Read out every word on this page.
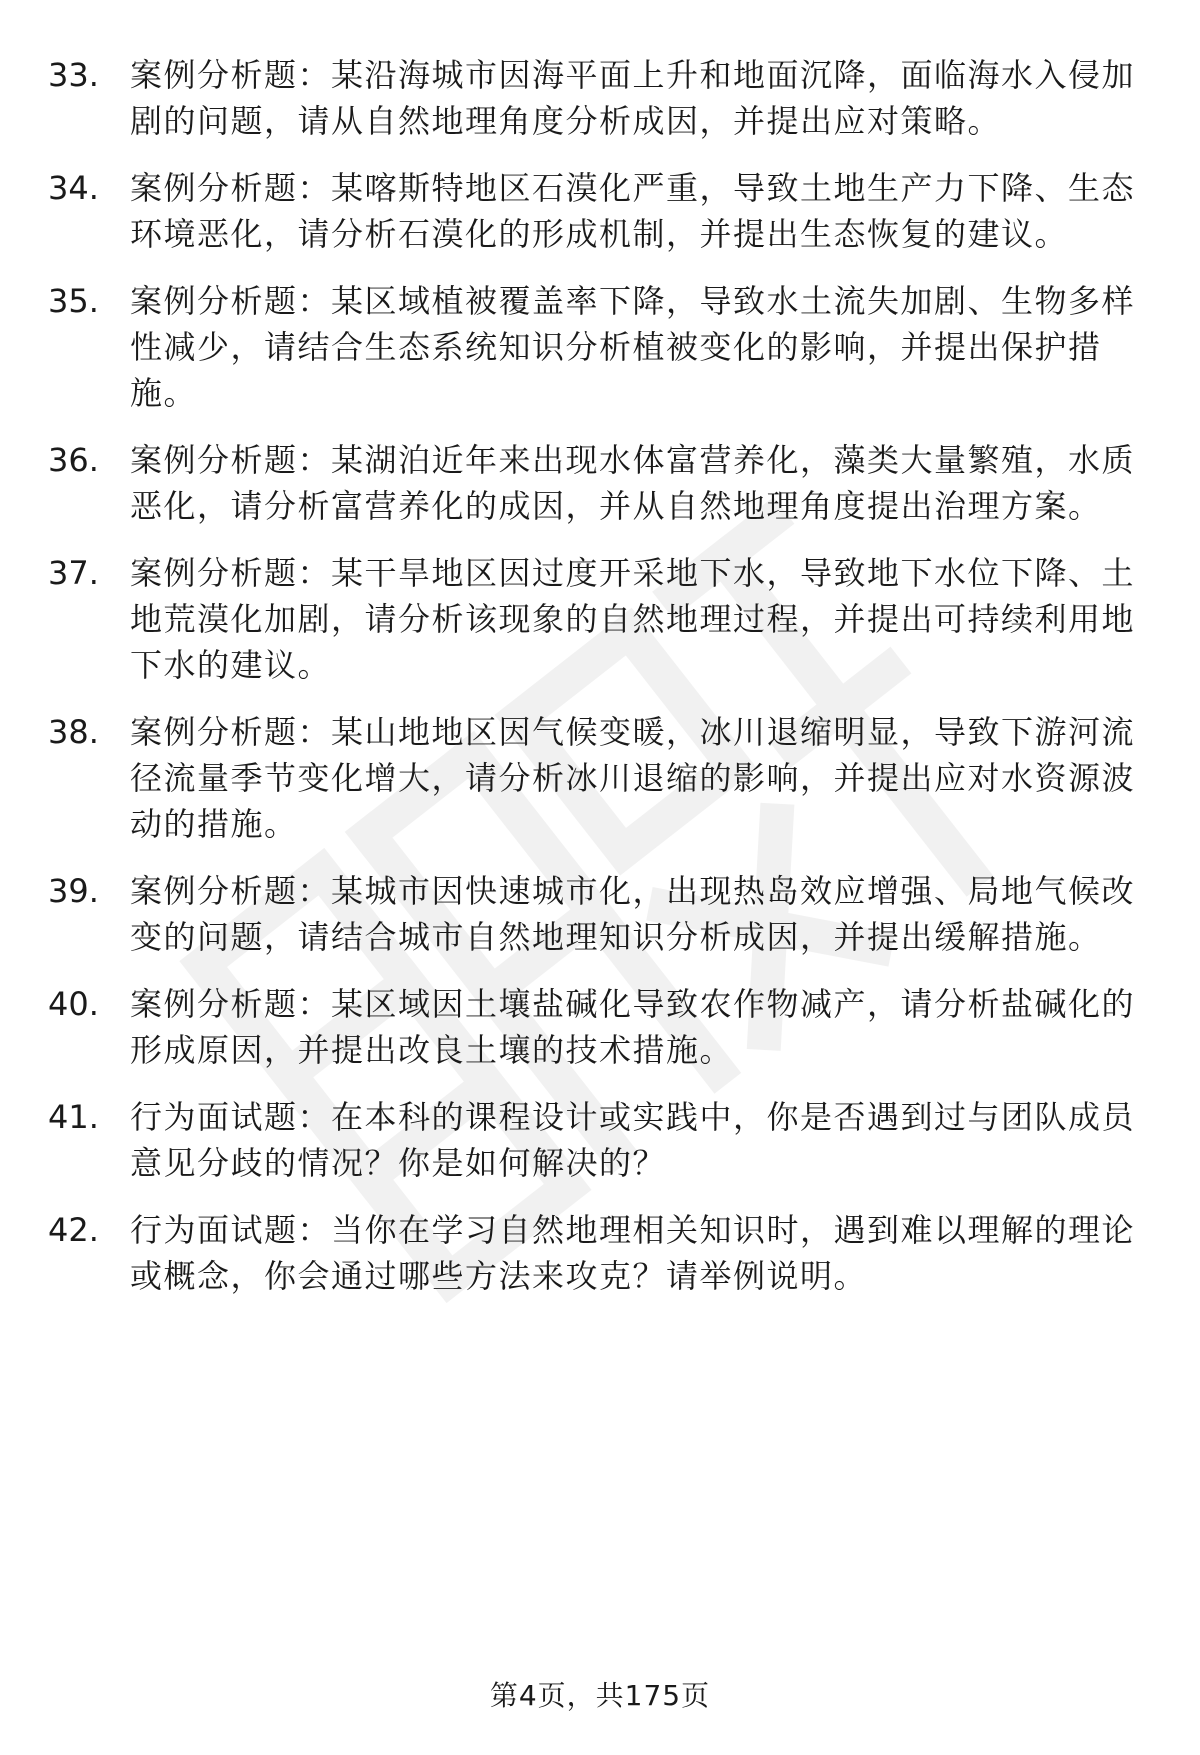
33. 案例分析题：某沿海城市因海平面上升和地面沉降，面临海水入侵加剧的问题，请从自然地理角度分析成因，并提出应对策略。
34. 案例分析题：某喀斯特地区石漠化严重，导致土地生产力下降、生态环境恶化，请分析石漠化的形成机制，并提出生态恢复的建议。
35. 案例分析题：某区域植被覆盖率下降，导致水土流失加剧、生物多样性减少，请结合生态系统知识分析植被变化的影响，并提出保护措施。
36. 案例分析题：某湖泊近年来出现水体富营养化，藻类大量繁殖，水质恶化，请分析富营养化的成因，并从自然地理角度提出治理方案。
37. 案例分析题：某干旱地区因过度开采地下水，导致地下水位下降、土地荒漠化加剧，请分析该现象的自然地理过程，并提出可持续利用地下水的建议。
38. 案例分析题：某山地地区因气候变暖，冰川退缩明显，导致下游河流径流量季节变化增大，请分析冰川退缩的影响，并提出应对水资源波动的措施。
39. 案例分析题：某城市因快速城市化，出现热岛效应增强、局地气候改变的问题，请结合城市自然地理知识分析成因，并提出缓解措施。
40. 案例分析题：某区域因土壤盐碱化导致农作物减产，请分析盐碱化的形成原因，并提出改良土壤的技术措施。
41. 行为面试题：在本科的课程设计或实践中，你是否遇到过与团队成员意见分歧的情况？你是如何解决的？
42. 行为面试题：当你在学习自然地理相关知识时，遇到难以理解的理论或概念，你会通过哪些方法来攻克？请举例说明。
第4页，共175页
